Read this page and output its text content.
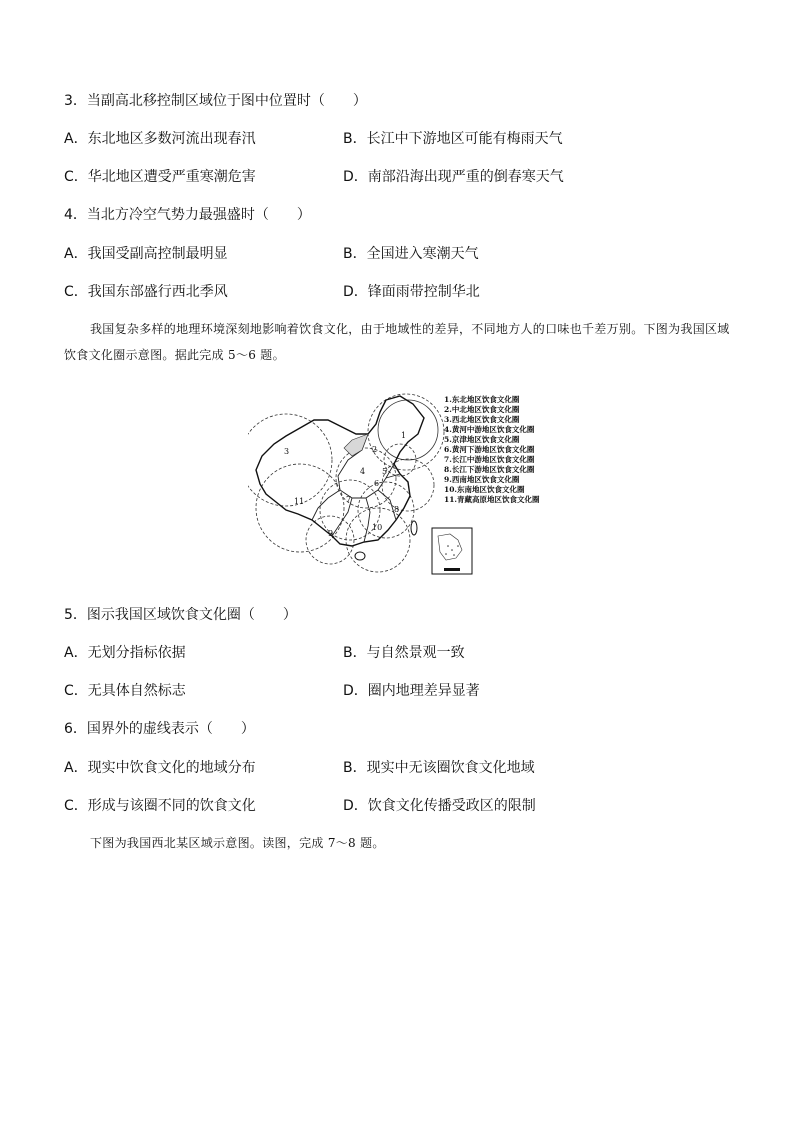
3．当副高北移控制区域位于图中位置时（　　）
A．东北地区多数河流出现春汛	B．长江中下游地区可能有梅雨天气
C．华北地区遭受严重寒潮危害	D．南部沿海出现严重的倒春寒天气
4．当北方冷空气势力最强盛时（　　）
A．我国受副高控制最明显	B．全国进入寒潮天气
C．我国东部盛行西北季风	D．锋面雨带控制华北
我国复杂多样的地理环境深刻地影响着饮食文化，由于地域性的差异，不同地方人的口味也千差万别。下图为我国区域饮食文化圈示意图。据此完成 5～6 题。
1
2
3
4 5
6
7
8
9
10
11
1.东北地区饮食文化圈
2.中北地区饮食文化圈
3.西北地区饮食文化圈
4.黄河中游地区饮食文化圈
5.京津地区饮食文化圈
6.黄河下游地区饮食文化圈
7.长江中游地区饮食文化圈
8.长江下游地区饮食文化圈
9.西南地区饮食文化圈
10.东南地区饮食文化圈
11.青藏高原地区饮食文化圈
5．图示我国区域饮食文化圈（　　）
A．无划分指标依据	B．与自然景观一致
C．无具体自然标志	D．圈内地理差异显著
6．国界外的虚线表示（　　）
A．现实中饮食文化的地域分布	B．现实中无该圈饮食文化地域
C．形成与该圈不同的饮食文化	D．饮食文化传播受政区的限制
下图为我国西北某区域示意图。读图，完成 7～8 题。
